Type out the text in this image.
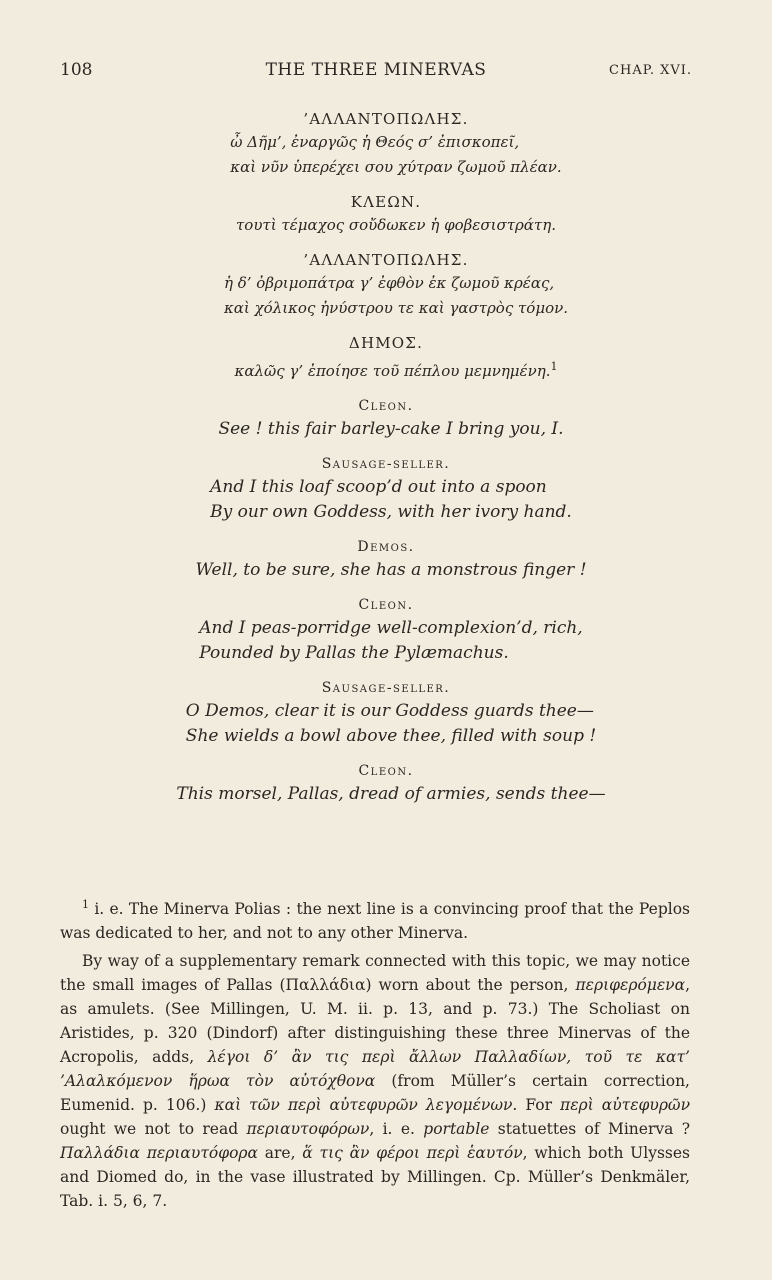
108	THE THREE MINERVAS	CHAP. XVI.

’ΑΛΛΑΝΤΟΠΩΛΗΣ.

ὦ Δῆμ’, ἐναργῶς ἡ Θεός σ’ ἐπισκοπεῖ,
καὶ νῦν ὑπερέχει σου χύτραν ζωμοῦ πλέαν.

ΚΛΕΩΝ.

τουτὶ τέμαχος σοὔδωκεν ἡ φοβεσιστράτη.

’ΑΛΛΑΝΤΟΠΩΛΗΣ.

ἡ δ’ ὀβριμοπάτρα γ’ ἐφθὸν ἐκ ζωμοῦ κρέας,
καὶ χόλικος ἠνύστρου τε καὶ γαστρὸς τόμον.

ΔΗΜΟΣ.

καλῶς γ’ ἐποίησε τοῦ πέπλου μεμνημένη.$^1$

Cleon.

See ! this fair barley-cake I bring you, I.

Sausage-seller.

And I this loaf scoop’d out into a spoon
By our own Goddess, with her ivory hand.

Demos.

Well, to be sure, she has a monstrous finger !

Cleon.

And I peas-porridge well-complexion’d, rich,
Pounded by Pallas the Pylæmachus.

Sausage-seller.

O Demos, clear it is our Goddess guards thee—
She wields a bowl above thee, filled with soup !

Cleon.

This morsel, Pallas, dread of armies, sends thee—

$^1$ i. e. The Minerva Polias : the next line is a convincing proof that the Peplos was dedicated to her, and not to any other Minerva.

By way of a supplementary remark connected with this topic, we may notice the small images of Pallas (Παλλάδια) worn about the person, περιφερόμενα, as amulets. (See Millingen, U. M. ii. p. 13, and p. 73.) The Scholiast on Aristides, p. 320 (Dindorf) after distinguishing these three Minervas of the Acropolis, adds, λέγοι δ’ ἂν τις περὶ ἄλλων Παλλαδίων, τοῦ τε κατ’ ’Αλαλκόμενον ἥρωα τὸν αὐτόχθονα (from Müller’s certain correction, Eumenid. p. 106.) καὶ τῶν περὶ αὐτεφυρῶν λεγομένων. For περὶ αὐτεφυρῶν ought we not to read περιαυτοφόρων, i. e. portable statuettes of Minerva ? Παλλάδια περιαυτόφορα are, ἅ τις ἂν φέροι περὶ ἑαυτόν, which both Ulysses and Diomed do, in the vase illustrated by Millingen. Cp. Müller’s Denkmäler, Tab. i. 5, 6, 7.
